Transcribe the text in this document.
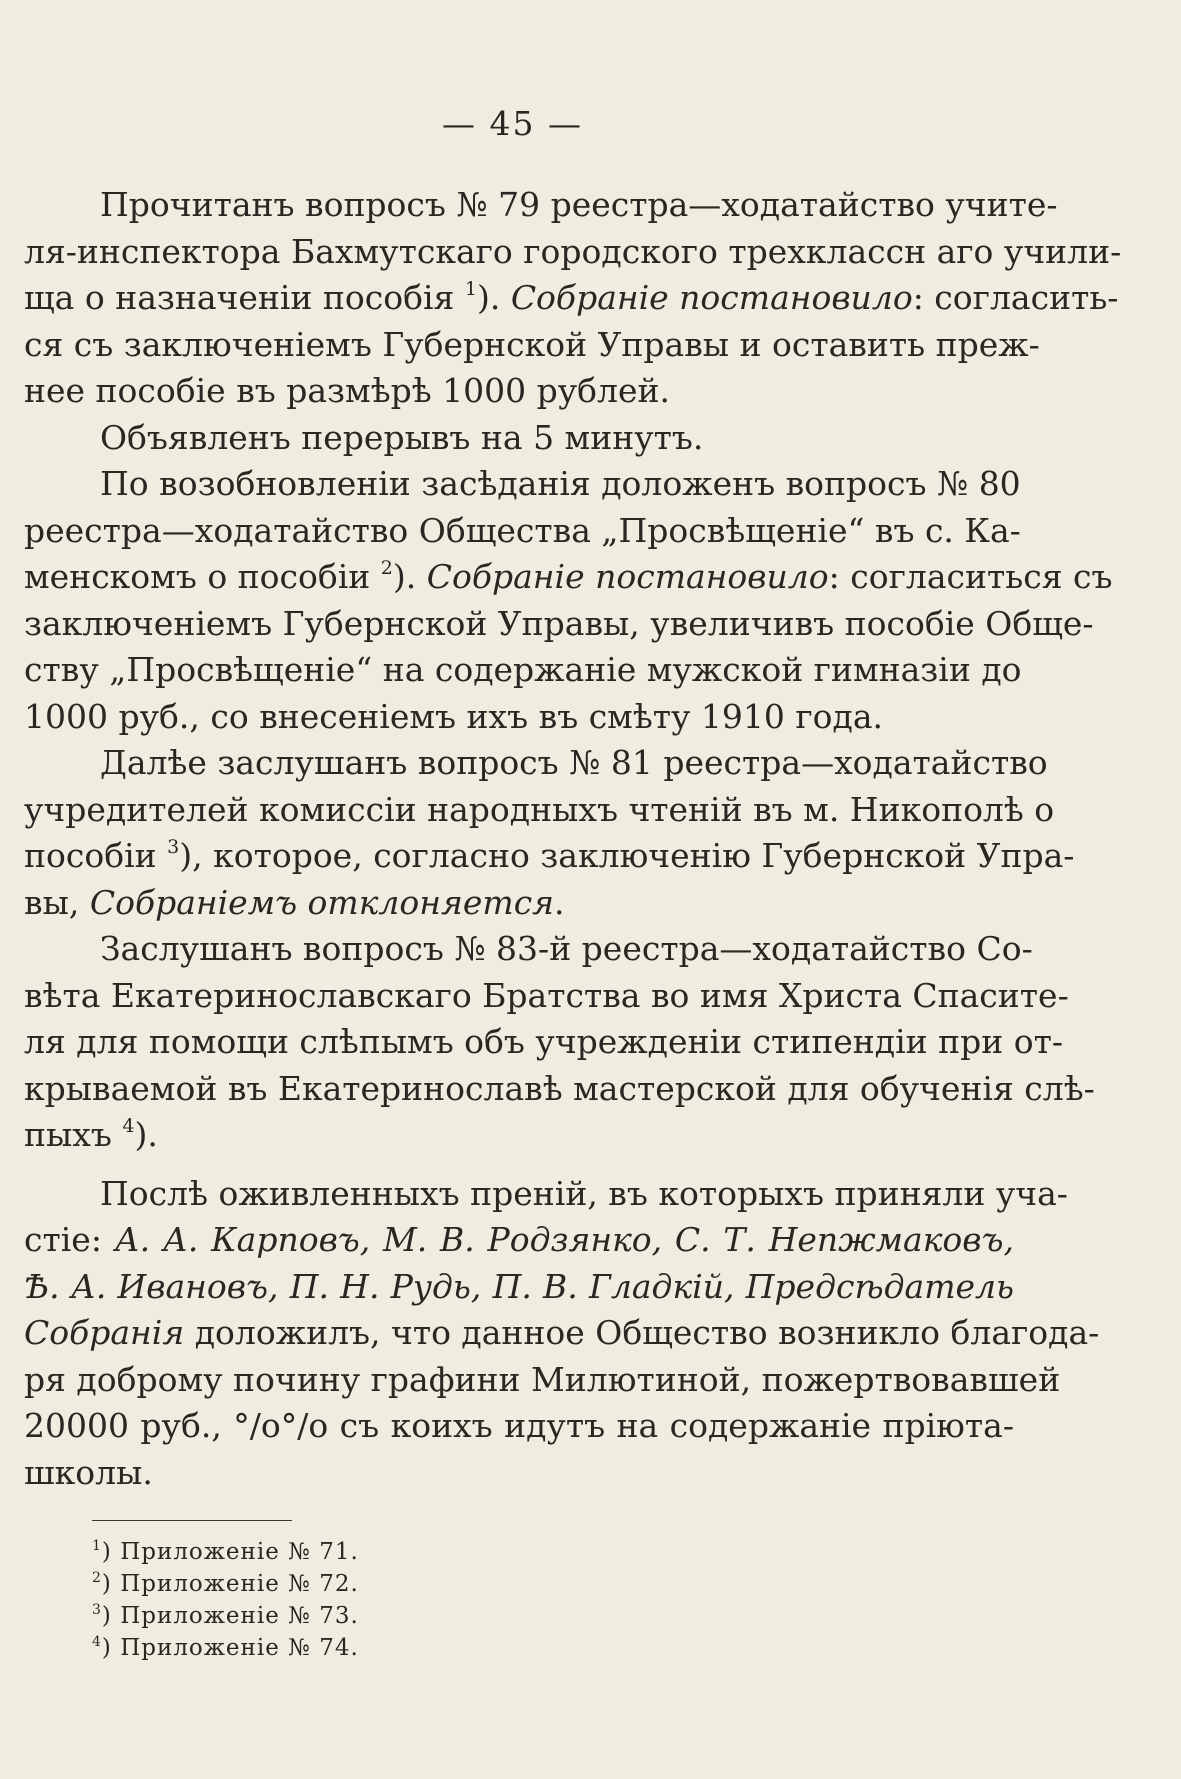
— 45 —
Прочитанъ вопросъ № 79 реестра—ходатайство учите-
ля-инспектора Бахмутскаго городского трехклассн аго учили-
ща о назначенiи пособiя $^1$). Собранiе постановило: согласить-
ся съ заключенiемъ Губернской Управы и оставить преж-
нее пособiе въ размѣрѣ 1000 рублей.
Объявленъ перерывъ на 5 минутъ.
По возобновленiи засѣданiя доложенъ вопросъ № 80
реестра—ходатайство Общества „Просвѣщенiе“ въ с. Ка-
менскомъ о пособiи $^2$). Собранiе постановило: согласиться съ
заключенiемъ Губернской Управы, увеличивъ пособiе Обще-
ству „Просвѣщенiе“ на содержанiе мужской гимназiи до
1000 руб., со внесенiемъ ихъ въ смѣту 1910 года.
Далѣе заслушанъ вопросъ № 81 реестра—ходатайство
учредителей комиссiи народныхъ чтенiй въ м. Никополѣ о
пособiи $^3$), которое, согласно заключенiю Губернской Упра-
вы, Собранiемъ отклоняется.
Заслушанъ вопросъ № 83-й реестра—ходатайство Со-
вѣта Екатеринославскаго Братства во имя Христа Спасите-
ля для помощи слѣпымъ объ учрежденiи стипендiи при от-
крываемой въ Екатеринославѣ мастерской для обученiя слѣ-
пыхъ $^4$).
Послѣ оживленныхъ пренiй, въ которыхъ приняли уча-
стiе: А. А. Карповъ, М. В. Родзянко, С. Т. Непжмаковъ,
Ѣ. А. Ивановъ, П. Н. Рудь, П. В. Гладкiй, Предсѣдатель
Собранiя доложилъ, что данное Общество возникло благода-
ря доброму почину графини Милютиной, пожертвовавшей
20000 руб., °/о°/о съ коихъ идутъ на содержанiе прiюта-
школы.
$^1$) Приложенiе № 71.
$^2$) Приложенiе № 72.
$^3$) Приложенiе № 73.
$^4$) Приложенiе № 74.
